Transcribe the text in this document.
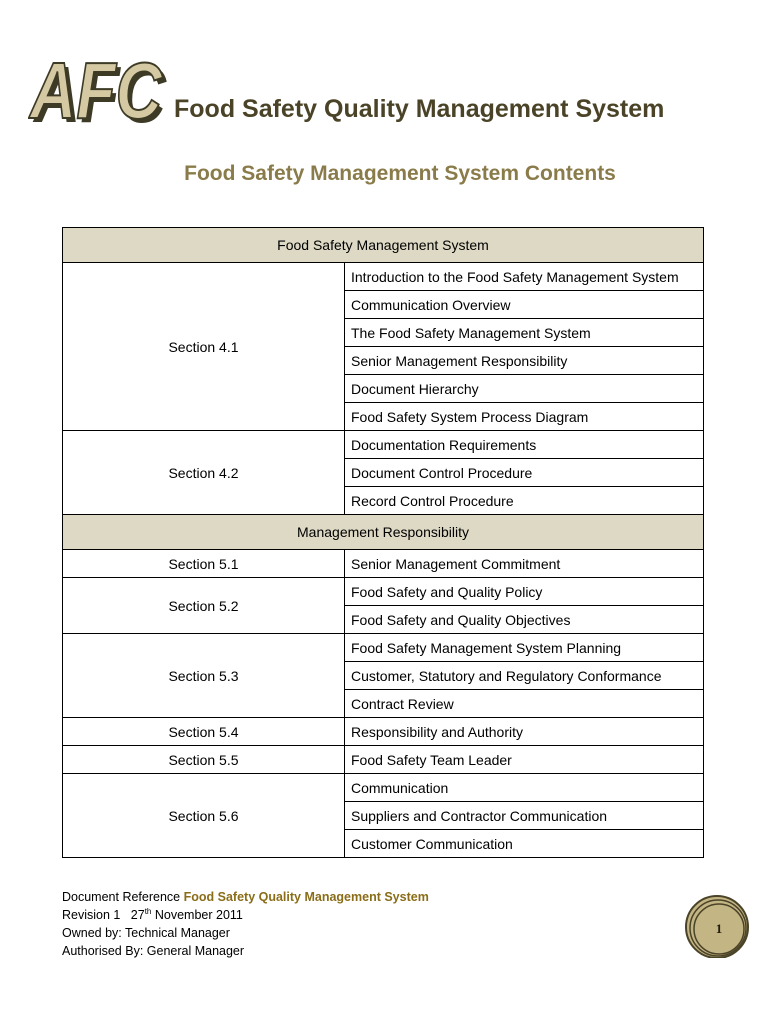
AFC
AFC Food Safety Quality Management System
Food Safety Management System Contents
Food Safety Management System	
Section 4.1	Introduction to the Food Safety Management System
	Communication Overview
	The Food Safety Management System
	Senior Management Responsibility
	Document Hierarchy
	Food Safety System Process Diagram
Section 4.2	Documentation Requirements
	Document Control Procedure
	Record Control Procedure
Management Responsibility	
Section 5.1	Senior Management Commitment
Section 5.2	Food Safety and Quality Policy
	Food Safety and Quality Objectives
Section 5.3	Food Safety Management System Planning
	Customer, Statutory and Regulatory Conformance
	Contract Review
Section 5.4	Responsibility and Authority
Section 5.5	Food Safety Team Leader
Section 5.6	Communication
	Suppliers and Contractor Communication
	Customer Communication
Document Reference Food Safety Quality Management System
Revision 1 27th November 2011
Owned by: Technical Manager
Authorised By: General Manager
1
